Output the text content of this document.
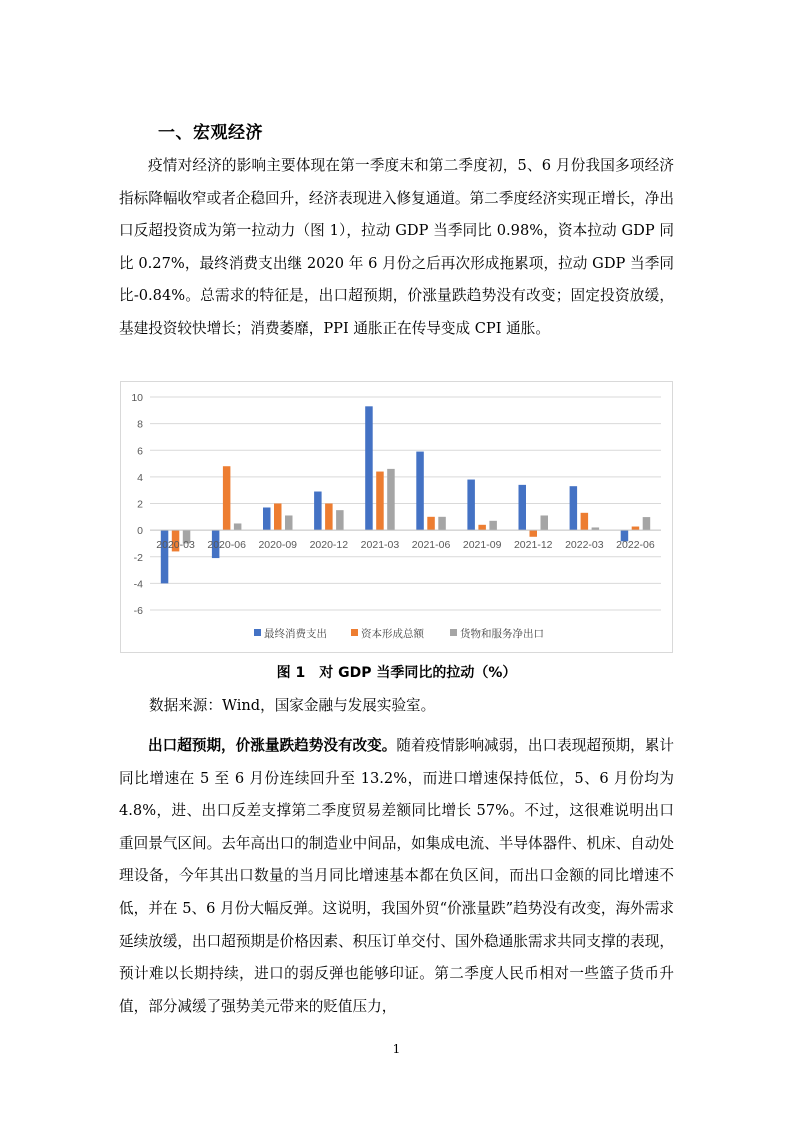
一、宏观经济
疫情对经济的影响主要体现在第一季度末和第二季度初，5、6 月份我国多项经济指标降幅收窄或者企稳回升，经济表现进入修复通道。第二季度经济实现正增长，净出口反超投资成为第一拉动力（图 1），拉动 GDP 当季同比 0.98%，资本拉动 GDP 同比 0.27%，最终消费支出继 2020 年 6 月份之后再次形成拖累项，拉动 GDP 当季同比-0.84%。总需求的特征是，出口超预期，价涨量跌趋势没有改变；固定投资放缓，基建投资较快增长；消费萎靡，PPI 通胀正在传导变成 CPI 通胀。
10
8
6
4
2
0
-2
-4
-6
2020-03 2020-06 2020-09 2020-12 2021-03 2021-06 2021-09 2021-12 2022-03 2022-06
最终消费支出	资本形成总额	货物和服务净出口
图 1　对 GDP 当季同比的拉动（%）
数据来源：Wind，国家金融与发展实验室。
出口超预期，价涨量跌趋势没有改变。随着疫情影响减弱，出口表现超预期，累计同比增速在 5 至 6 月份连续回升至 13.2%，而进口增速保持低位，5、6 月份均为 4.8%，进、出口反差支撑第二季度贸易差额同比增长 57%。不过，这很难说明出口重回景气区间。去年高出口的制造业中间品，如集成电流、半导体器件、机床、自动处理设备，今年其出口数量的当月同比增速基本都在负区间，而出口金额的同比增速不低，并在 5、6 月份大幅反弹。这说明，我国外贸“价涨量跌”趋势没有改变，海外需求延续放缓，出口超预期是价格因素、积压订单交付、国外稳通胀需求共同支撑的表现，预计难以长期持续，进口的弱反弹也能够印证。第二季度人民币相对一些篮子货币升值，部分减缓了强势美元带来的贬值压力，
1
